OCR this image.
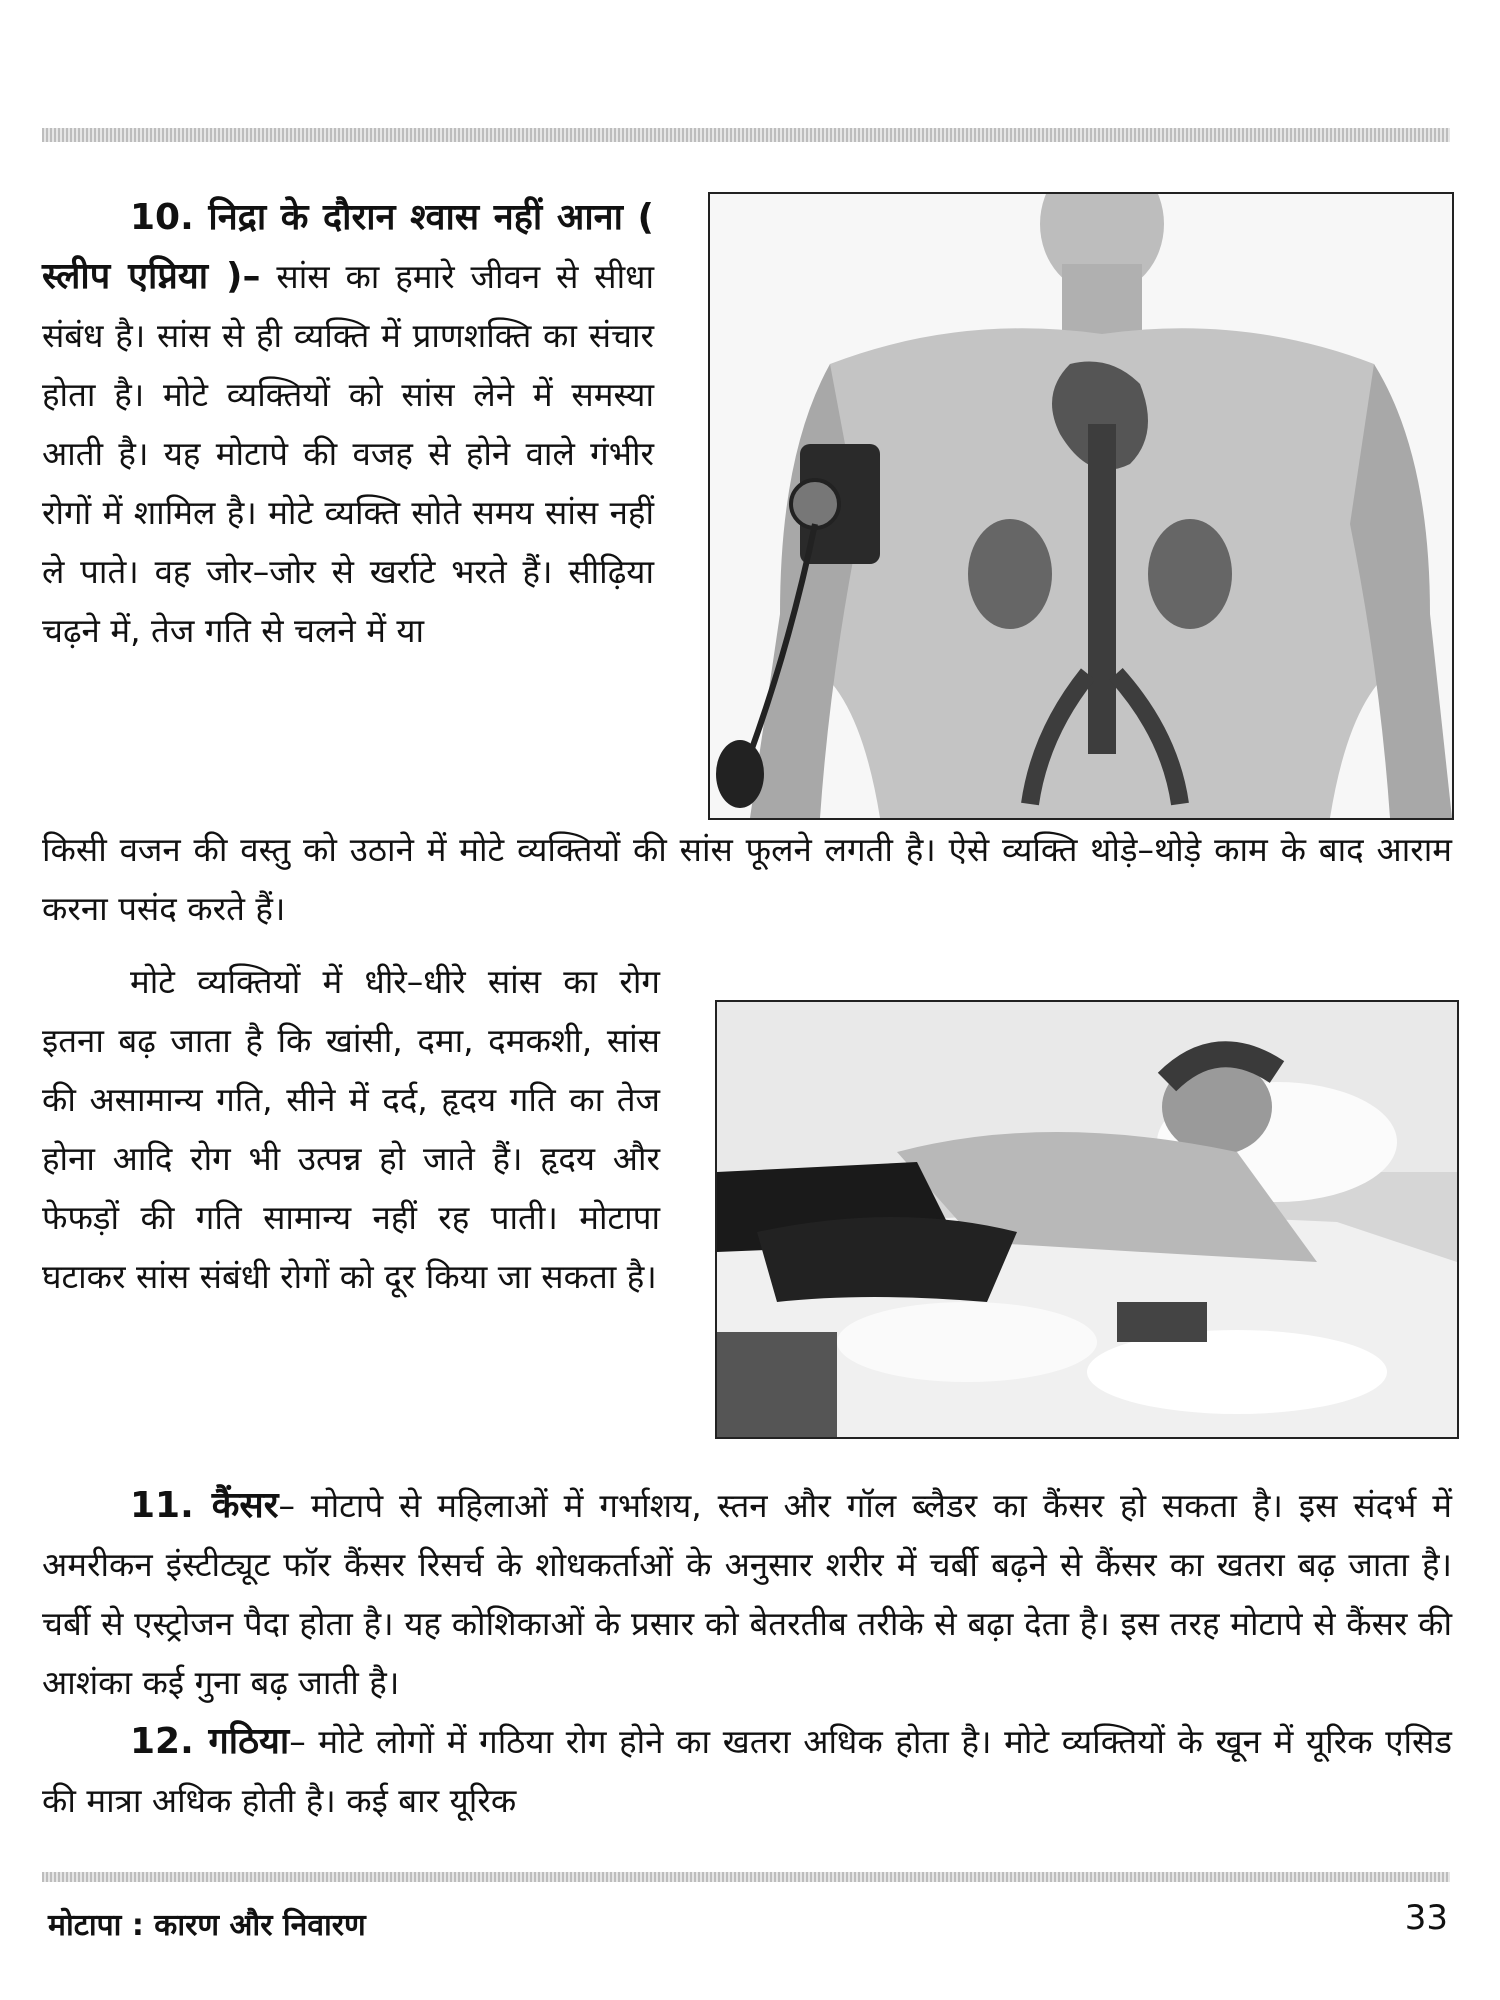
10. निद्रा के दौरान श्वास नहीं आना ( स्लीप एप्निया )– सांस का हमारे जीवन से सीधा संबंध है। सांस से ही व्यक्ति में प्राणशक्ति का संचार होता है। मोटे व्यक्तियों को सांस लेने में समस्या आती है। यह मोटापे की वजह से होने वाले गंभीर रोगों में शामिल है। मोटे व्यक्ति सोते समय सांस नहीं ले पाते। वह जोर–जोर से खर्राटे भरते हैं। सीढ़िया चढ़ने में, तेज गति से चलने में या

किसी वजन की वस्तु को उठाने में मोटे व्यक्तियों की सांस फूलने लगती है। ऐसे व्यक्ति थोड़े–थोड़े काम के बाद आराम करना पसंद करते हैं।

मोटे व्यक्तियों में धीरे–धीरे सांस का रोग इतना बढ़ जाता है कि खांसी, दमा, दमकशी, सांस की असामान्य गति, सीने में दर्द, हृदय गति का तेज होना आदि रोग भी उत्पन्न हो जाते हैं। हृदय और फेफड़ों की गति सामान्य नहीं रह पाती। मोटापा घटाकर सांस संबंधी रोगों को दूर किया जा सकता है।

11. कैंसर– मोटापे से महिलाओं में गर्भाशय, स्तन और गॉल ब्लैडर का कैंसर हो सकता है। इस संदर्भ में अमरीकन इंस्टीट्यूट फॉर कैंसर रिसर्च के शोधकर्ताओं के अनुसार शरीर में चर्बी बढ़ने से कैंसर का खतरा बढ़ जाता है। चर्बी से एस्ट्रोजन पैदा होता है। यह कोशिकाओं के प्रसार को बेतरतीब तरीके से बढ़ा देता है। इस तरह मोटापे से कैंसर की आशंका कई गुना बढ़ जाती है।

12. गठिया– मोटे लोगों में गठिया रोग होने का खतरा अधिक होता है। मोटे व्यक्तियों के खून में यूरिक एसिड की मात्रा अधिक होती है। कई बार यूरिक

मोटापा : कारण और निवारण	33
